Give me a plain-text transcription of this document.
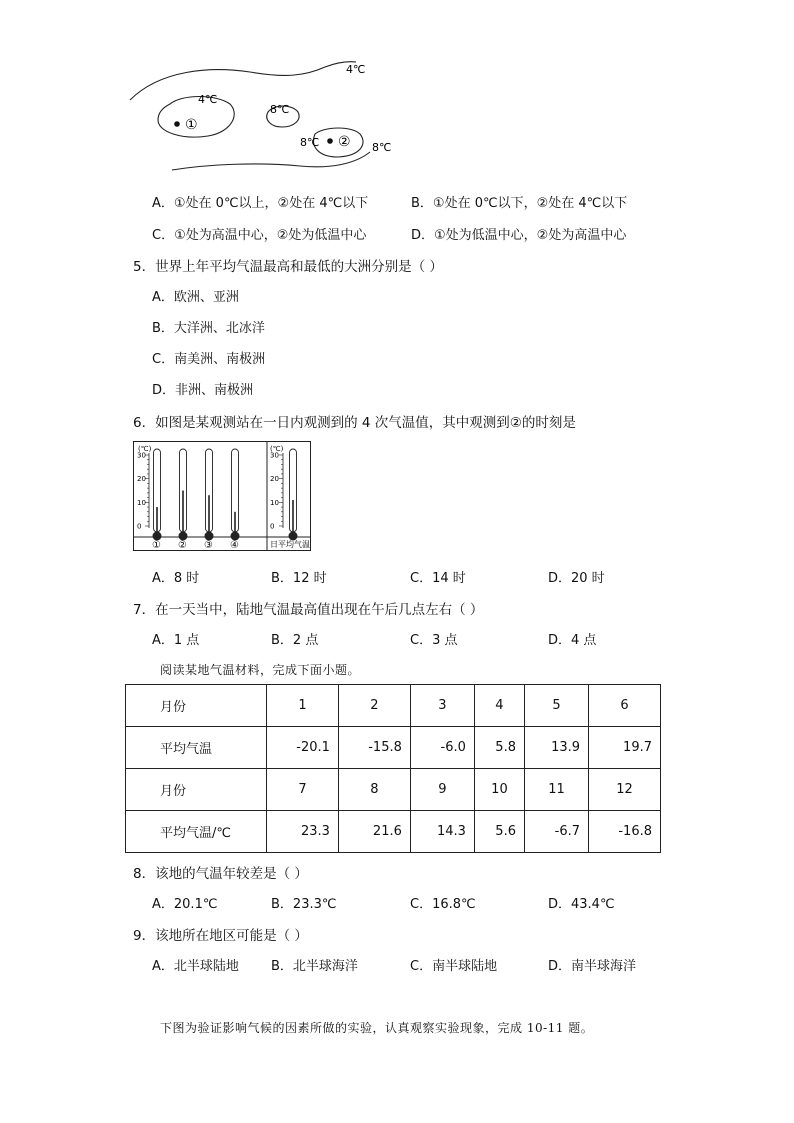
4℃
4℃
8℃
8℃	8℃
①
②
A．①处在 0℃以上，②处在 4℃以下	B．①处在 0℃以下，②处在 4℃以下
C．①处为高温中心，②处为低温中心	D．①处为低温中心，②处为高温中心
5．世界上年平均气温最高和最低的大洲分别是（ ）
A．欧洲、亚洲
B．大洋洲、北冰洋
C．南美洲、南极洲
D．非洲、南极洲
6．如图是某观测站在一日内观测到的 4 次气温值，其中观测到②的时刻是
(℃)	(℃)
30
20
10
0
30
20
10
0
① ② ③ ④	日平均气温
A．8 时	B．12 时	C．14 时	D．20 时
7．在一天当中，陆地气温最高值出现在午后几点左右（ ）
A．1 点	B．2 点	C．3 点	D．4 点
阅读某地气温材料，完成下面小题。
月份	1	2	3	4	5	6
平均气温	-20.1	-15.8	-6.0	5.8	13.9	19.7
月份	7	8	9	10	11	12
平均气温/℃	23.3	21.6	14.3	5.6	-6.7	-16.8
8．该地的气温年较差是（ ）
A．20.1℃	B．23.3℃	C．16.8℃	D．43.4℃
9．该地所在地区可能是（ ）
A．北半球陆地 B．北半球海洋	C．南半球陆地	D．南半球海洋
下图为验证影响气候的因素所做的实验，认真观察实验现象，完成 10-11 题。
